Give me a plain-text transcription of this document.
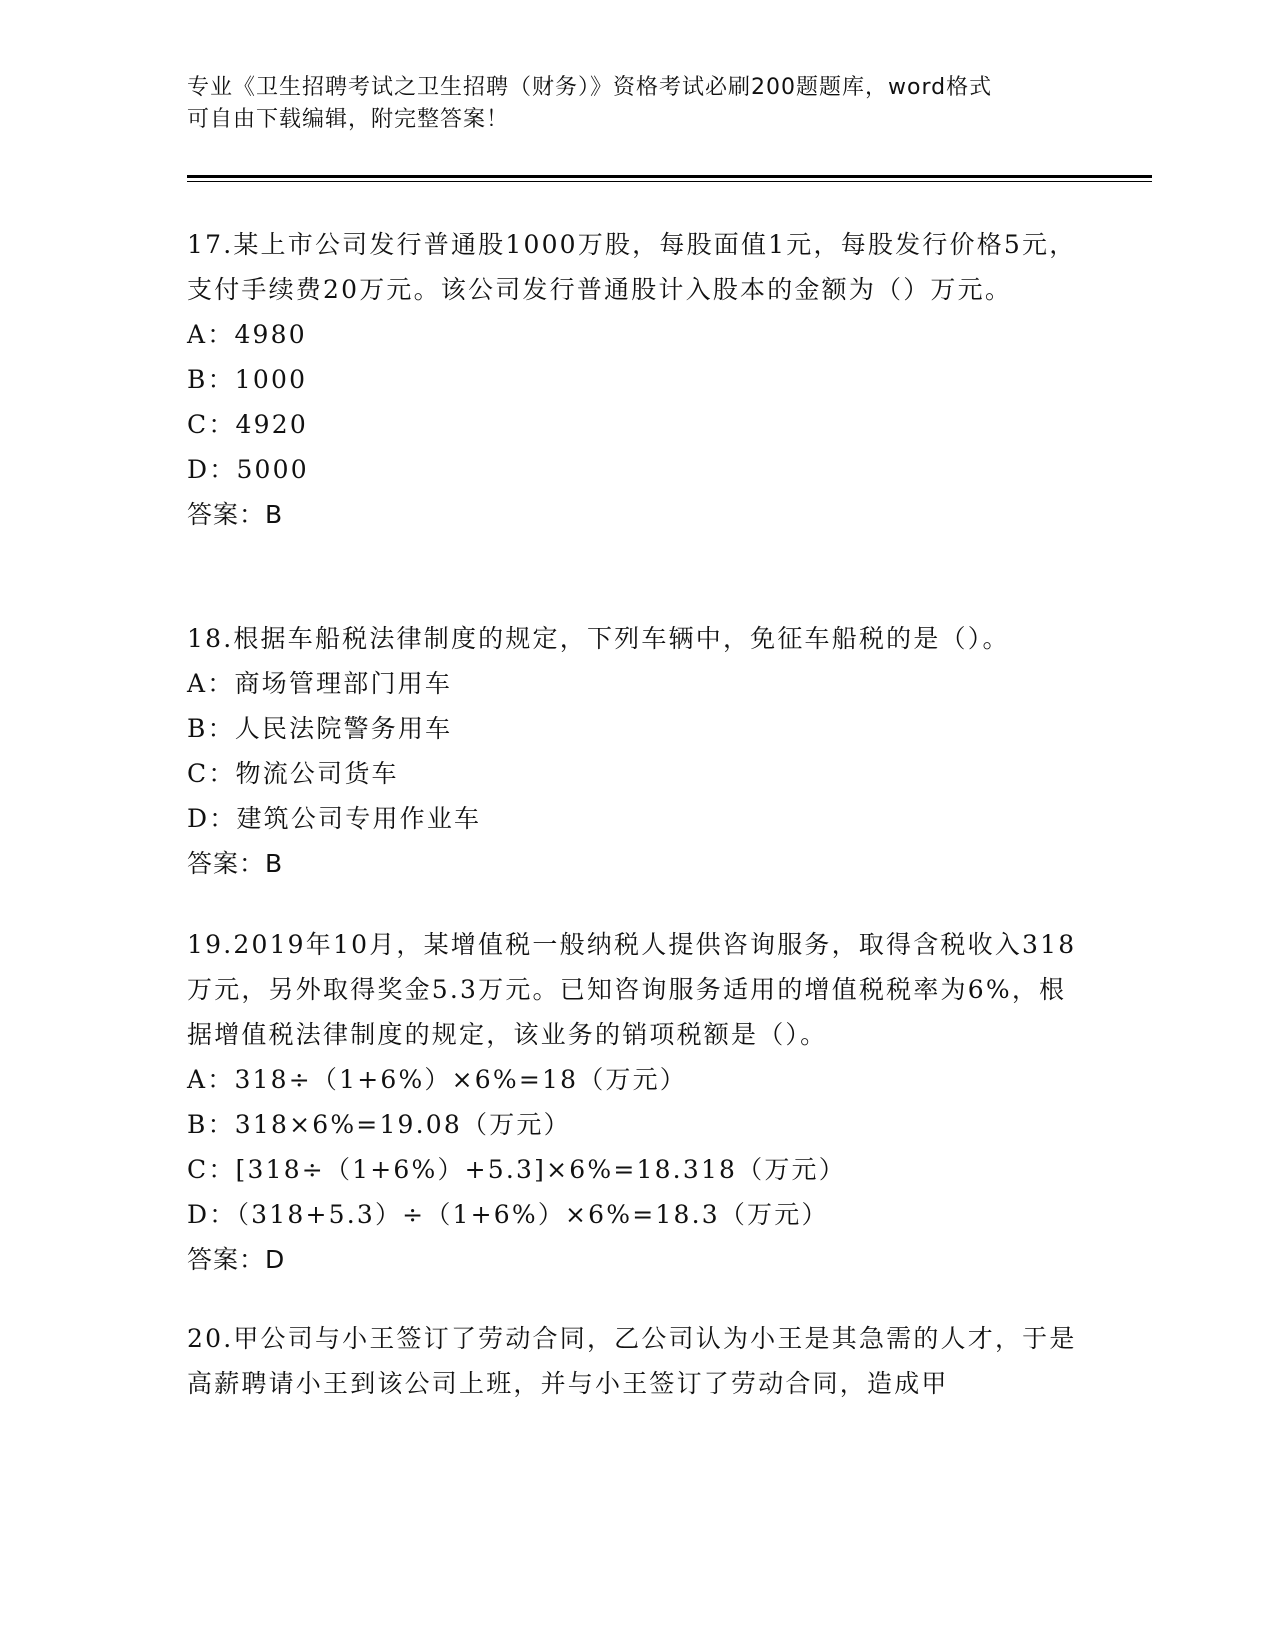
专业《卫生招聘考试之卫生招聘（财务）》资格考试必刷200题题库，word格式
可自由下载编辑，附完整答案！
17.某上市公司发行普通股1000万股，每股面值1元，每股发行价格5元，支付手续费20万元。该公司发行普通股计入股本的金额为（）万元。
A：4980
B：1000
C：4920
D：5000
答案：B
18.根据车船税法律制度的规定，下列车辆中，免征车船税的是（）。
A：商场管理部门用车
B：人民法院警务用车
C：物流公司货车
D：建筑公司专用作业车
答案：B
19.2019年10月，某增值税一般纳税人提供咨询服务，取得含税收入318万元，另外取得奖金5.3万元。已知咨询服务适用的增值税税率为6%，根据增值税法律制度的规定，该业务的销项税额是（）。
A：318÷（1+6%）×6%=18（万元）
B：318×6%=19.08（万元）
C：[318÷（1+6%）+5.3]×6%=18.318（万元）
D：（318+5.3）÷（1+6%）×6%=18.3（万元）
答案：D
20.甲公司与小王签订了劳动合同，乙公司认为小王是其急需的人才，于是高薪聘请小王到该公司上班，并与小王签订了劳动合同，造成甲
